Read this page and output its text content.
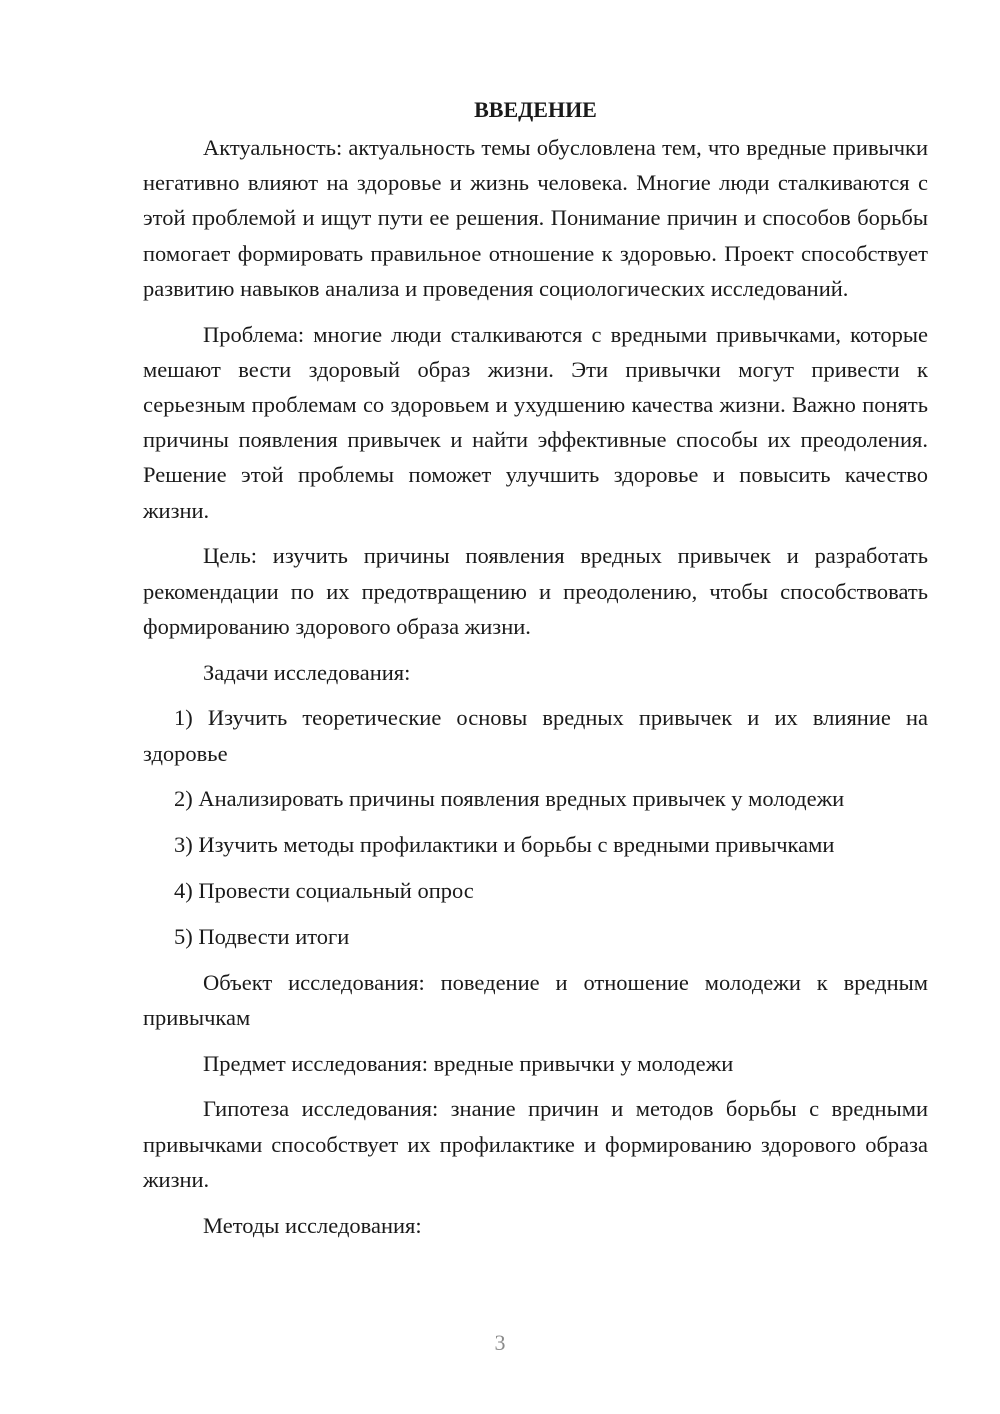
ВВЕДЕНИЕ

Актуальность: актуальность темы обусловлена тем, что вредные привычки негативно влияют на здоровье и жизнь человека. Многие люди сталкиваются с этой проблемой и ищут пути ее решения. Понимание причин и способов борьбы помогает формировать правильное отношение к здоровью. Проект способствует развитию навыков анализа и проведения социологических исследований.

Проблема: многие люди сталкиваются с вредными привычками, которые мешают вести здоровый образ жизни. Эти привычки могут привести к серьезным проблемам со здоровьем и ухудшению качества жизни. Важно понять причины появления привычек и найти эффективные способы их преодоления. Решение этой проблемы поможет улучшить здоровье и повысить качество жизни.

Цель: изучить причины появления вредных привычек и разработать рекомендации по их предотвращению и преодолению, чтобы способствовать формированию здорового образа жизни.

Задачи исследования:

1) Изучить теоретические основы вредных привычек и их влияние на здоровье

2) Анализировать причины появления вредных привычек у молодежи

3) Изучить методы профилактики и борьбы с вредными привычками

4) Провести социальный опрос

5) Подвести итоги

Объект исследования: поведение и отношение молодежи к вредным привычкам

Предмет исследования: вредные привычки у молодежи

Гипотеза исследования: знание причин и методов борьбы с вредными привычками способствует их профилактике и формированию здорового образа жизни.

Методы исследования:

3
